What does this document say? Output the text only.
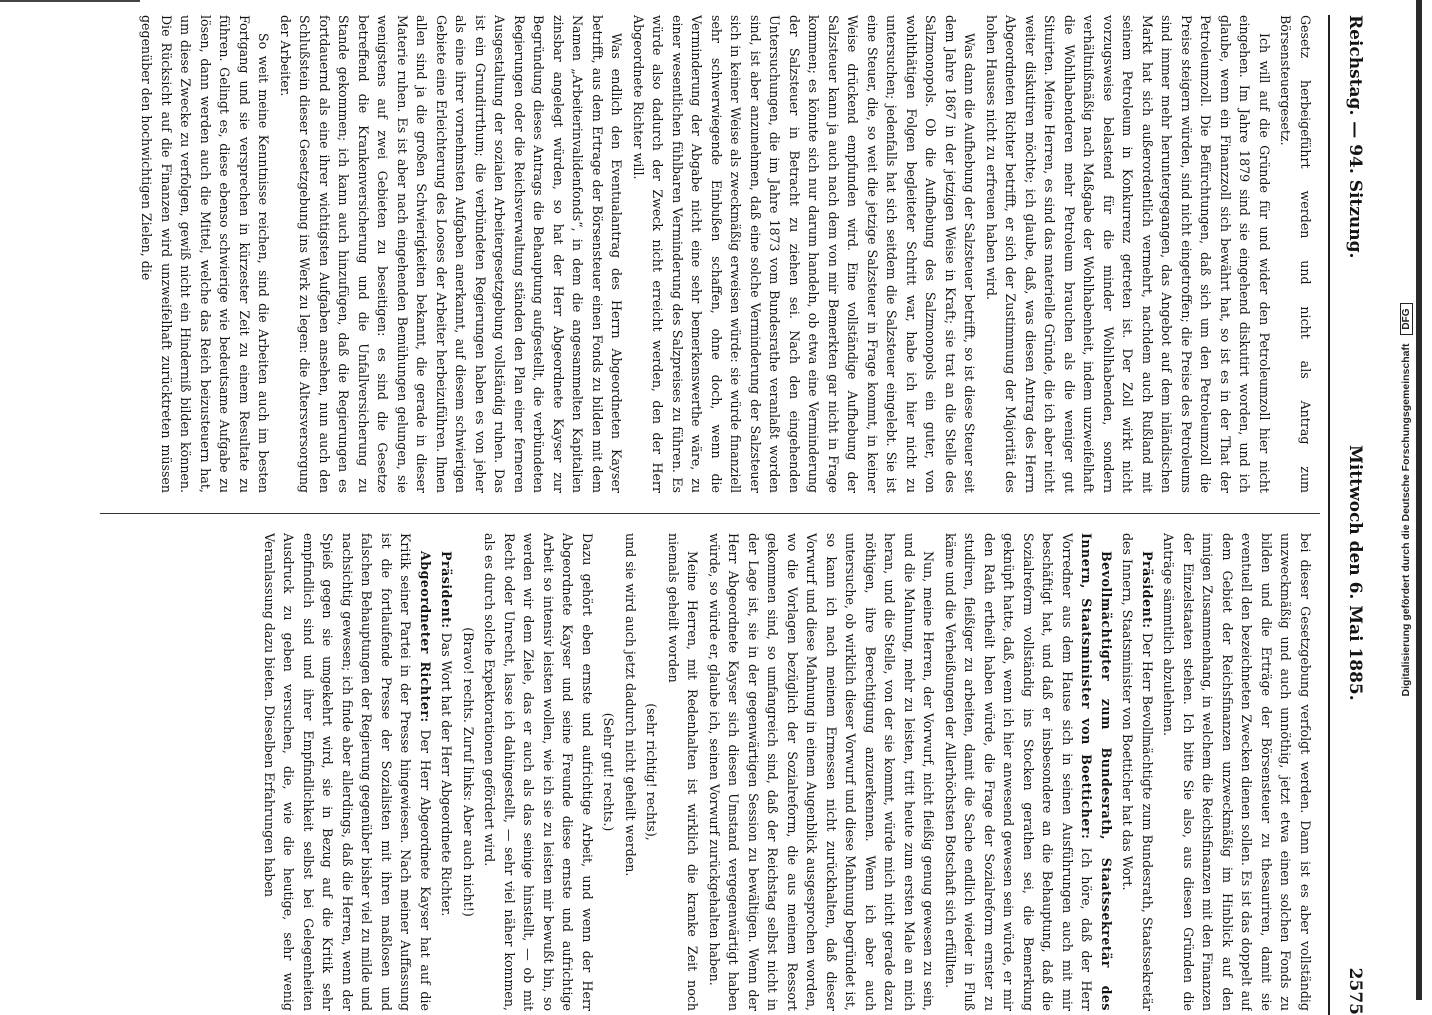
Reichstag. — 94. Sitzung.
Mittwoch den 6. Mai 1885.
2575

Gesetz herbeigeführt werden und nicht als Antrag zum Börsensteuergesetz.

Ich will auf die Gründe für und wider den Petroleumzoll hier nicht eingehen. Im Jahre 1879 sind sie eingehend diskutirt worden, und ich glaube, wenn ein Finanzzoll sich bewährt hat, so ist es in der That der Petroleumzoll. Die Befürchtungen, daß sich um den Petroleumzoll die Preise steigern würden, sind nicht eingetroffen; die Preise des Petroleums sind immer mehr heruntergegangen, das Angebot auf dem inländischen Markt hat sich außerordentlich vermehrt, nachdem auch Rußland mit seinem Petroleum in Konkurrenz getreten ist. Der Zoll wirkt nicht vorzugsweise belastend für die minder Wohlhabenden, sondern verhältnißmäßig nach Maßgabe der Wohlhabenheit, indem unzweifelhaft die Wohlhabenderen mehr Petroleum brauchen als die weniger gut Situirten. Meine Herren, es sind das materielle Gründe, die ich aber nicht weiter diskutiren möchte; ich glaube, daß, was diesen Antrag des Herrn Abgeordneten Richter betrifft, er sich der Zustimmung der Majorität des hohen Hauses nicht zu erfreuen haben wird.

Was dann die Aufhebung der Salzsteuer betrifft, so ist diese Steuer seit dem Jahre 1867 in der jetzigen Weise in Kraft; sie trat an die Stelle des Salzmonopols. Ob die Aufhebung des Salzmonopols ein guter, von wohlthätigen Folgen begleiteter Schritt war, habe ich hier nicht zu untersuchen; jedenfalls hat sich seitdem die Salzsteuer eingelebt. Sie ist eine Steuer, die, so weit die jetzige Salzsteuer in Frage kommt, in keiner Weise drückend empfunden wird. Eine vollständige Aufhebung der Salzsteuer kann ja auch nach dem von mir Bemerkten gar nicht in Frage kommen; es könnte sich nur darum handeln, ob etwa eine Verminderung der Salzsteuer in Betracht zu ziehen sei. Nach den eingehenden Untersuchungen, die im Jahre 1873 vom Bundesrathe veranlaßt worden sind, ist aber anzunehmen, daß eine solche Verminderung der Salzsteuer sich in keiner Weise als zweckmäßig erweisen würde: sie würde finanziell sehr schwerwiegende Einbußen schaffen, ohne doch, wenn die Verminderung der Abgabe nicht eine sehr bemerkenswerthe wäre, zu einer wesentlichen fühlbaren Verminderung des Salzpreises zu führen. Es würde also dadurch der Zweck nicht erreicht werden, den der Herr Abgeordnete Richter will.

Was endlich den Eventualantrag des Herrn Abgeordneten Kayser betrifft, aus dem Ertrage der Börsensteuer einen Fonds zu bilden mit dem Namen „Arbeiterinvalidenfonds“, in dem die angesammelten Kapitalien zinsbar angelegt würden, so hat der Herr Abgeordnete Kayser zur Begründung dieses Antrags die Behauptung aufgestellt, die verbündeten Regierungen oder die Reichsverwaltung ständen den Plan einer ferneren Ausgestaltung der sozialen Arbeitergesetzgebung vollständig ruhen. Das ist ein Grundirrthum; die verbündeten Regierungen haben es von jeher als eine ihrer vornehmsten Aufgaben anerkannt, auf diesem schwierigen Gebiete eine Erleichterung des Looses der Arbeiter herbeizuführen. Ihnen allen sind ja die großen Schwierigkeiten bekannt, die gerade in dieser Materie ruhen. Es ist aber nach eingehenden Bemühungen gelungen, sie wenigstens auf zwei Gebieten zu beseitigen: es sind die Gesetze betreffend die Krankenversicherung und die Unfallversicherung zu Stande gekommen; ich kann auch hinzufügen, daß die Regierungen es fortdauernd als eine ihrer wichtigsten Aufgaben ansehen, nun auch den Schlußstein dieser Gesetzgebung ins Werk zu legen: die Altersversorgung der Arbeiter.

So weit meine Kenntnisse reichen, sind die Arbeiten auch im besten Fortgang und sie versprechen in kürzester Zeit zu einem Resultate zu führen. Gelingt es, diese ebenso schwierige wie bedeutsame Aufgabe zu lösen, dann werden auch die Mittel, welche das Reich beizusteuern hat, um diese Zwecke zu verfolgen, gewiß nicht ein Hinderniß bilden können. Die Rücksicht auf die Finanzen wird unzweifelhaft zurücktreten müssen gegenüber den hochwichtigen Zielen, die

bei dieser Gesetzgebung verfolgt werden. Dann ist es aber vollständig unzweckmäßig und auch unnöthig, jetzt etwa einen solchen Fonds zu bilden und die Erträge der Börsensteuer zu thesauriren, damit sie eventuell den bezeichneten Zwecken dienen sollen. Es ist das doppelt auf dem Gebiet der Reichsfinanzen unzweckmäßig im Hinblick auf den innigen Zusammenhang, in welchem die Reichsfinanzen mit den Finanzen der Einzelstaaten stehen. Ich bitte Sie also, aus diesen Gründen die Anträge sämmtlich abzulehnen.

Präsident: Der Herr Bevollmächtigte zum Bundesrath, Staatssekretär des Innern, Staatsminister von Boetticher hat das Wort.

Bevollmächtigter zum Bundesrath, Staatssekretär des Innern, Staatsminister von Boetticher: Ich höre, daß der Herr Vorredner aus dem Hause sich in seinen Ausführungen auch mit mir beschäftigt hat, und daß er insbesondere an die Behauptung, daß die Sozialreform vollständig ins Stocken gerathen sei, die Bemerkung geknüpft hatte, daß, wenn ich hier anwesend gewesen sein würde, er mir den Rath ertheilt haben würde, die Frage der Sozialreform ernster zu studiren, fleißiger zu arbeiten, damit die Sache endlich wieder in Fluß käme und die Verheißungen der Allerhöchsten Botschaft sich erfüllten.

Nun, meine Herren, der Vorwurf, nicht fleißig genug gewesen zu sein, und die Mahnung, mehr zu leisten, tritt heute zum ersten Male an mich heran, und die Stelle, von der sie kommt, würde mich nicht gerade dazu nöthigen, ihre Berechtigung anzuerkennen. Wenn ich aber auch untersuche, ob wirklich dieser Vorwurf und diese Mahnung begründet ist, so kann ich nach meinem Ermessen nicht zurückhalten, daß dieser Vorwurf und diese Mahnung in einem Augenblick ausgesprochen worden, wo die Vorlagen bezüglich der Sozialreform, die aus meinem Ressort gekommen sind, so umfangreich sind, daß der Reichstag selbst nicht in der Lage ist, sie in der gegenwärtigen Session zu bewältigen. Wenn der Herr Abgeordnete Kayser sich diesen Umstand vergegenwärtigt haben würde, so würde er, glaube ich, seinen Vorwurf zurückgehalten haben.

Meine Herren, mit Redenhalten ist wirklich die kranke Zeit noch niemals geheilt worden

(sehr richtig! rechts),

und sie wird auch jetzt dadurch nicht geheilt werden.

(Sehr gut! rechts.)

Dazu gehört eben ernste und aufrichtige Arbeit, und wenn der Herr Abgeordnete Kayser und seine Freunde diese ernste und aufrichtige Arbeit so intensiv leisten wollen, wie ich sie zu leisten mir bewußt bin, so werden wir dem Ziele, das er auch als das seinige hinstellt, — ob mit Recht oder Unrecht, lasse ich dahingestellt, — sehr viel näher kommen, als es durch solche Expektorationen gefördert wird.

(Bravo! rechts. Zuruf links: Aber auch nicht!)

Präsident: Das Wort hat der Herr Abgeordnete Richter.

Abgeordneter Richter: Der Herr Abgeordnete Kayser hat auf die Kritik seiner Partei in der Presse hingewiesen. Nach meiner Auffassung ist die fortlaufende Presse der Sozialisten mit ihren maßlosen und falschen Behauptungen der Regierung gegenüber bisher viel zu milde und nachsichtig gewesen; ich finde aber allerdings, daß die Herren, wenn der Spieß gegen sie umgekehrt wird, sie in Bezug auf die Kritik sehr empfindlich sind und ihrer Empfindlichkeit selbst bei Gelegenheiten Ausdruck zu geben versuchen, die, wie die heutige, sehr wenig Veranlassung dazu bieten. Dieselben Erfahrungen haben

Digitalisierung gefördert durch die Deutsche Forschungsgemeinschaft DFG
